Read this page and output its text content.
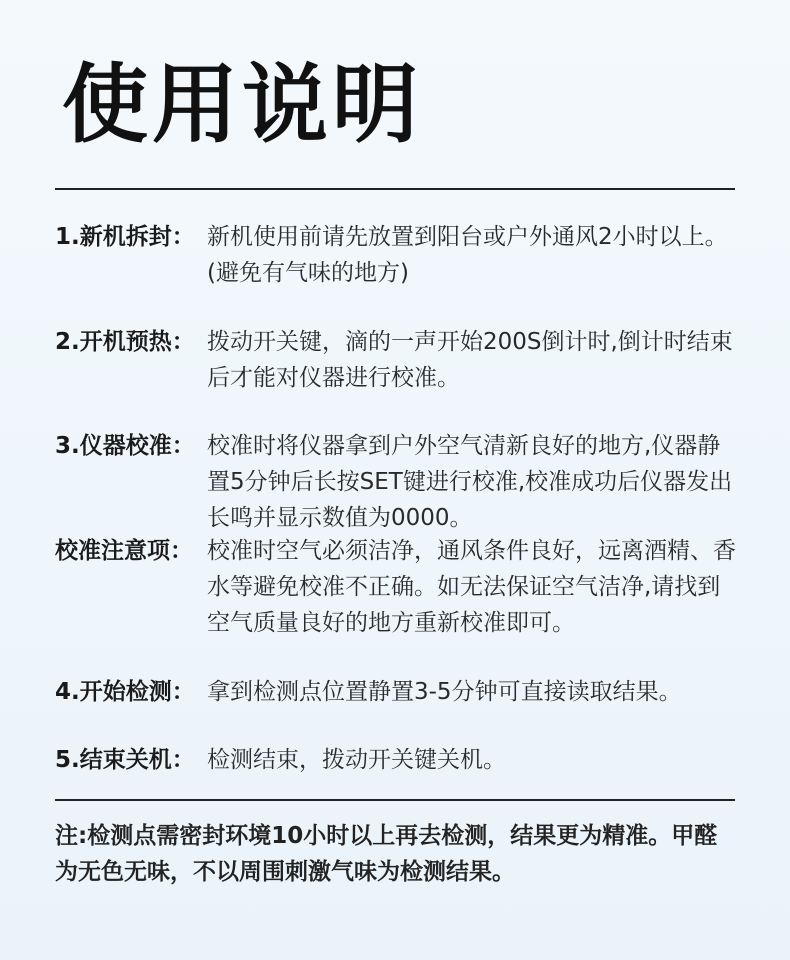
使用说明
1.新机拆封： 新机使用前请先放置到阳台或户外通风2小时以上。(避免有气味的地方)
2.开机预热： 拨动开关键，滴的一声开始200S倒计时,倒计时结束后才能对仪器进行校准。
3.仪器校准： 校准时将仪器拿到户外空气清新良好的地方,仪器静置5分钟后长按SET键进行校准,校准成功后仪器发出长鸣并显示数值为0000。
校准注意项： 校准时空气必须洁净，通风条件良好，远离酒精、香水等避免校准不正确。如无法保证空气洁净,请找到空气质量良好的地方重新校准即可。
4.开始检测： 拿到检测点位置静置3-5分钟可直接读取结果。
5.结束关机： 检测结束，拨动开关键关机。
注:检测点需密封环境10小时以上再去检测，结果更为精准。甲醛为无色无味，不以周围刺激气味为检测结果。
